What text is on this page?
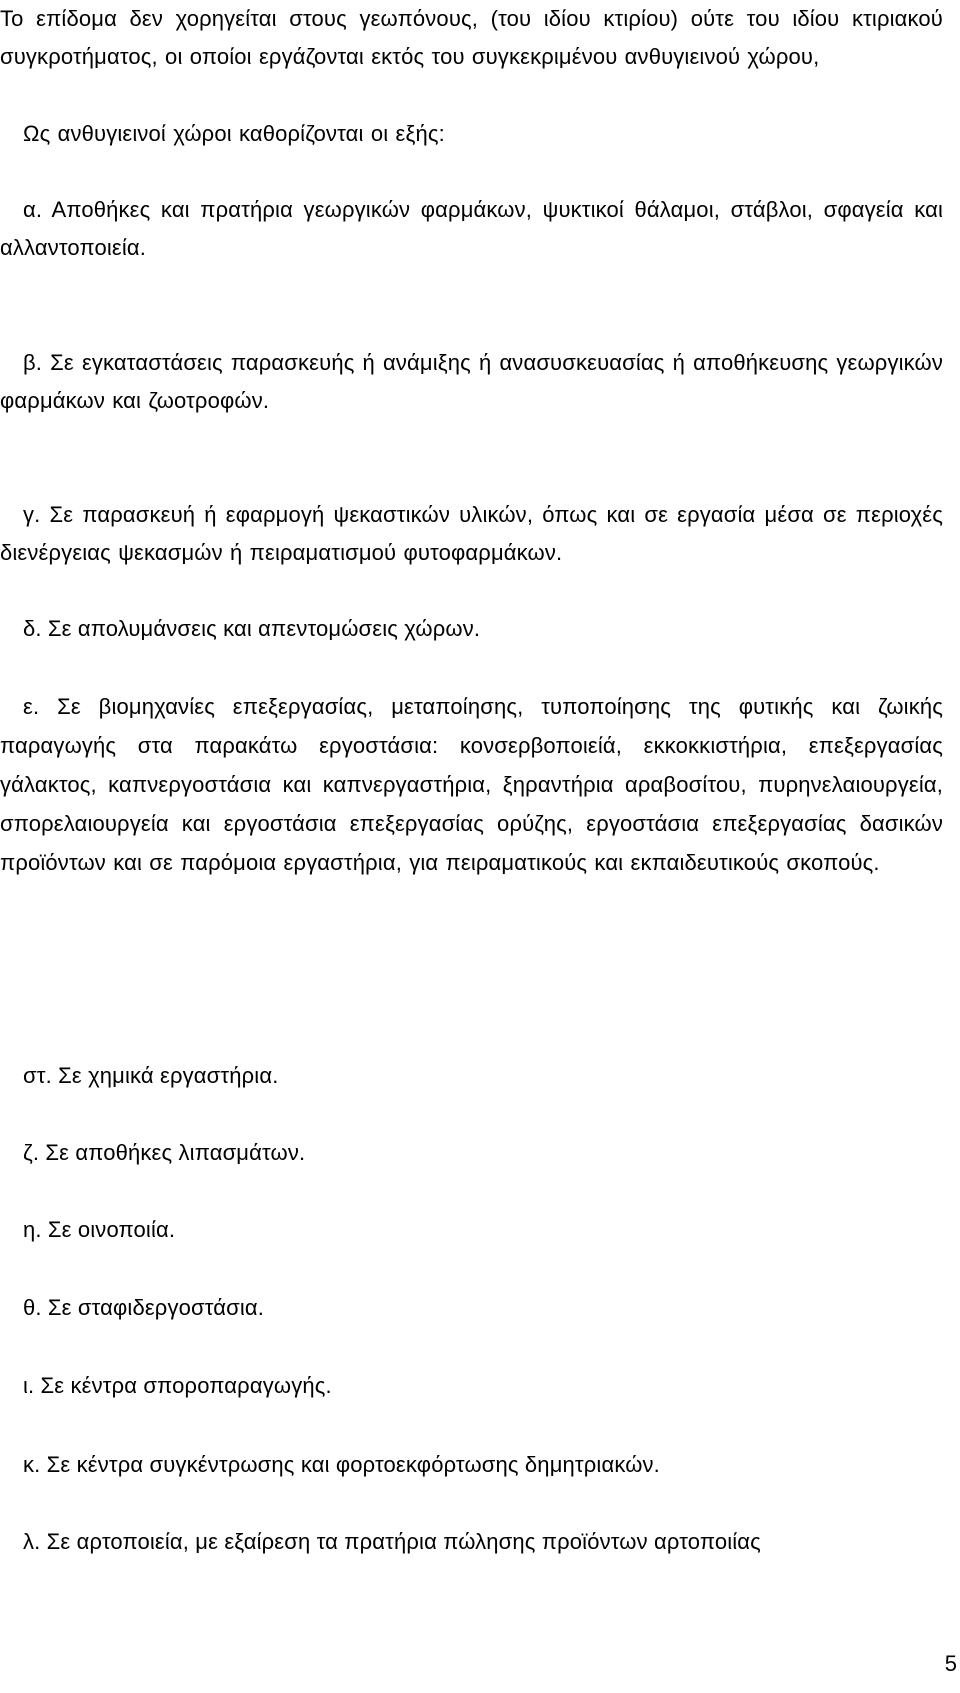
Το επίδομα δεν χορηγείται στους γεωπόνους, (του ιδίου κτιρίου) ούτε του ιδίου κτιριακού συγκροτήματος, οι οποίοι εργάζονται εκτός του συγκεκριμένου ανθυγιεινού χώρου,

Ως ανθυγιεινοί χώροι καθορίζονται οι εξής:

α. Αποθήκες και πρατήρια γεωργικών φαρμάκων, ψυκτικοί θάλαμοι, στάβλοι, σφαγεία και αλλαντοποιεία.

β. Σε εγκαταστάσεις παρασκευής ή ανάμιξης ή ανασυσκευασίας ή αποθήκευσης γεωργικών φαρμάκων και ζωοτροφών.

γ. Σε παρασκευή ή εφαρμογή ψεκαστικών υλικών, όπως και σε εργασία μέσα σε περιοχές διενέργειας ψεκασμών ή πειραματισμού φυτοφαρμάκων.

δ. Σε απολυμάνσεις και απεντομώσεις χώρων.

ε. Σε βιομηχανίες επεξεργασίας, μεταποίησης, τυποποίησης της φυτικής και ζωικής παραγωγής στα παρακάτω εργοστάσια: κονσερβοποιείά, εκκοκκιστήρια, επεξεργασίας γάλακτος, καπνεργοστάσια και καπνεργαστήρια, ξηραντήρια αραβοσίτου, πυρηνελαιουργεία, σπορελαιουργεία και εργοστάσια επεξεργασίας ορύζης, εργοστάσια επεξεργασίας δασικών προϊόντων και σε παρόμοια εργαστήρια, για πειραματικούς και εκπαιδευτικούς σκοπούς.

στ. Σε χημικά εργαστήρια.

ζ. Σε αποθήκες λιπασμάτων.

η. Σε οινοποιία.

θ. Σε σταφιδεργοστάσια.

ι. Σε κέντρα σποροπαραγωγής.

κ. Σε κέντρα συγκέντρωσης και φορτοεκφόρτωσης δημητριακών.

λ. Σε αρτοποιεία, με εξαίρεση τα πρατήρια πώλησης προϊόντων αρτοποιίας

5
